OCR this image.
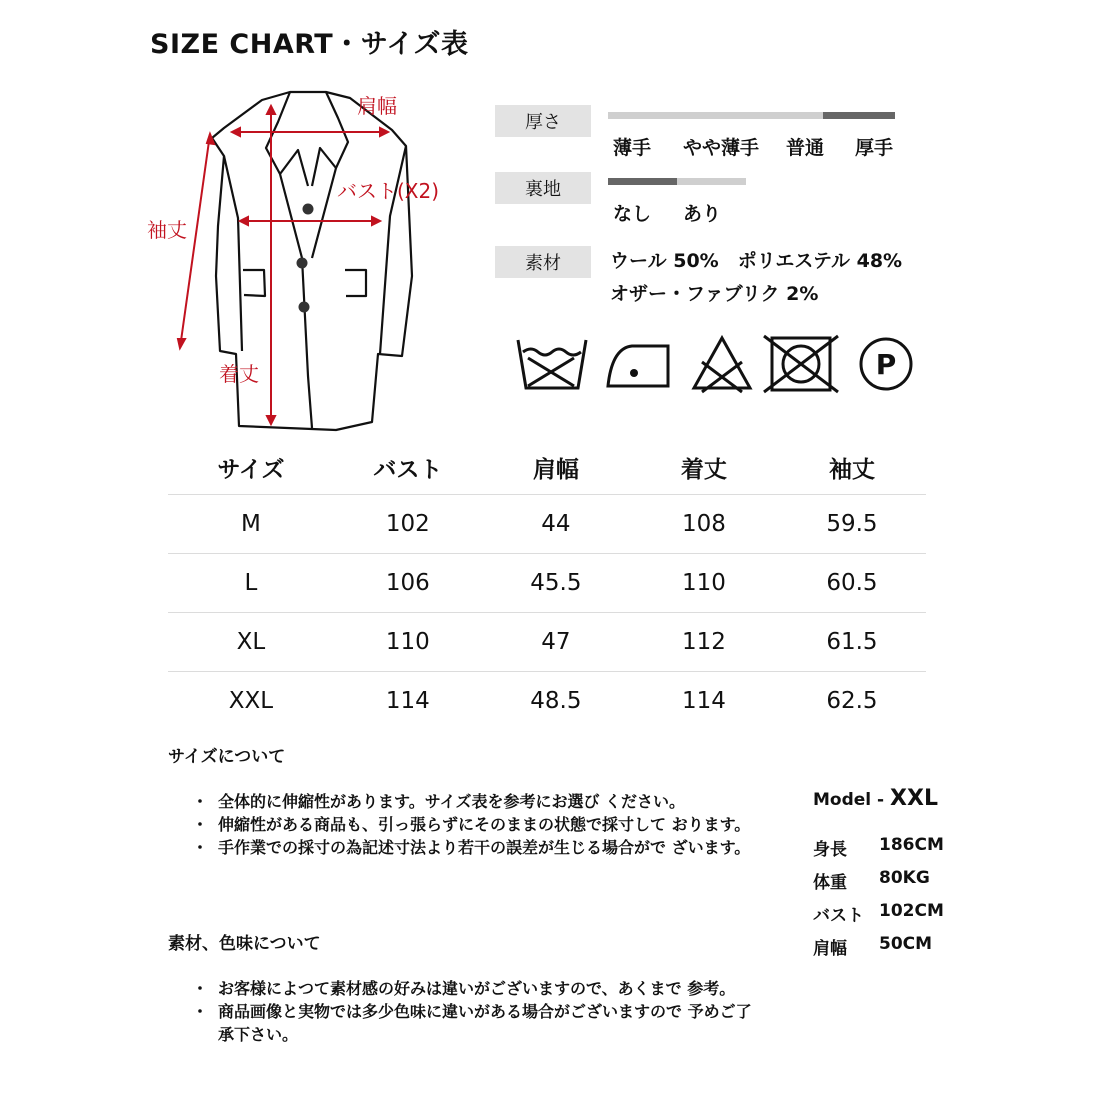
SIZE CHART・サイズ表
肩幅
バスト(X2)
袖丈
着丈
厚さ
薄手 やや薄手 普通 厚手
裏地
なし あり
素材	ウール 50%　ポリエステル 48%
オザー・ファブリク 2%
P
サイズ	バスト	肩幅	着丈	袖丈
M	102	44	108	59.5
L	106	45.5	110	60.5
XL	110	47	112	61.5
XXL	114	48.5	114	62.5
サイズについて
・ 全体的に伸縮性があります。サイズ表を参考にお選び ください。
・ 伸縮性がある商品も、引っ張らずにそのままの状態で採寸して おります。
・ 手作業での採寸の為記述寸法より若干の誤差が生じる場合がで ざいます。
素材、色味について
・ お客様によつて素材感の好みは違いがございますので、あくまで 参考。
・ 商品画像と実物では多少色味に違いがある場合がございますので 予めご了承下さい。
Model - XXL
身長	186CM
体重	80KG
バスト 102CM
肩幅	50CM
